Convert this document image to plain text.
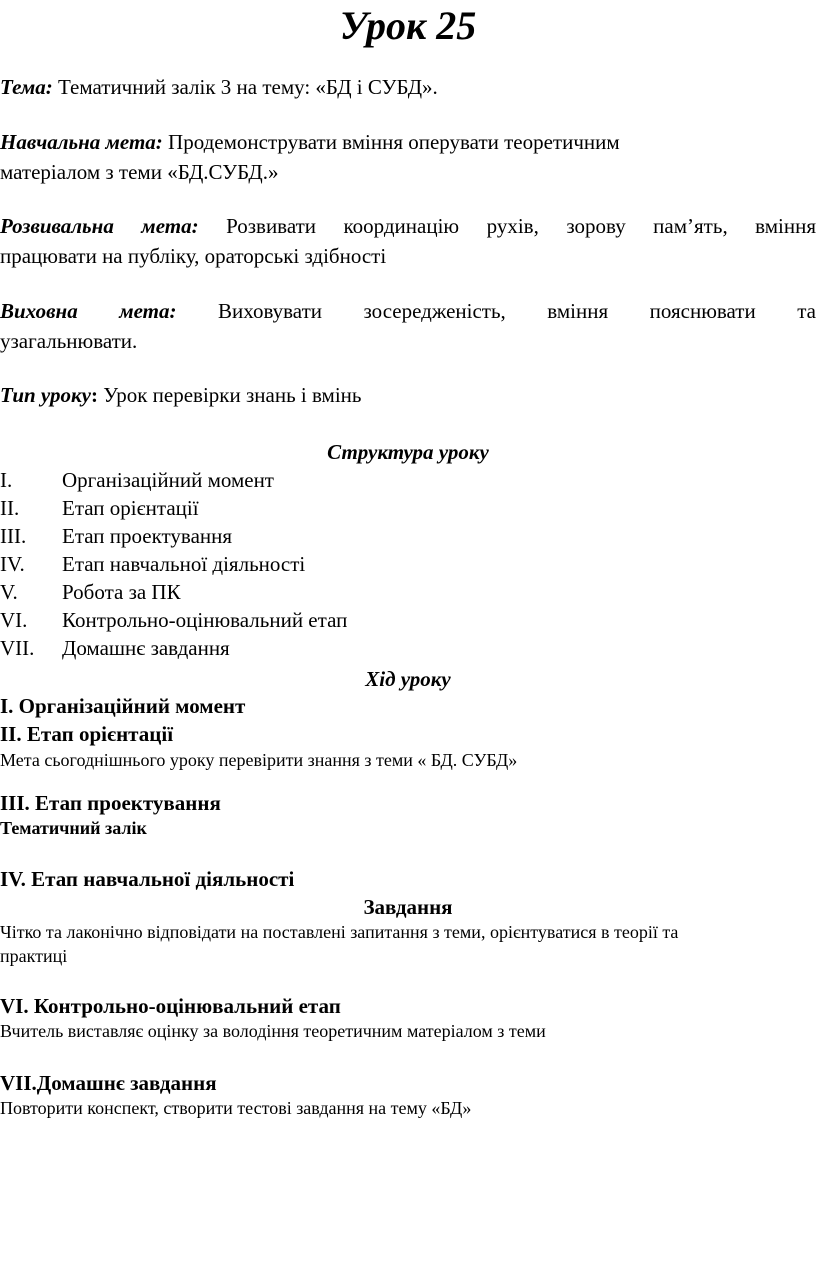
Урок 25
Тема: Тематичний залік 3 на тему: «БД і СУБД».
Навчальна мета: Продемонструвати вміння оперувати теоретичним
матеріалом з теми «БД.СУБД.»
Розвивальна мета: Розвивати координацію рухів, зорову пам’ять, вміння
працювати на публіку, ораторські здібності
Виховна мета: Виховувати зосередженість, вміння пояснювати та
узагальнювати.
Тип уроку: Урок перевірки знань і вмінь
Структура уроку
I. Організаційний момент
II. Етап орієнтації
III. Етап проектування
IV. Етап навчальної діяльності
V. Робота за ПК
VI. Контрольно-оцінювальний етап
VII. Домашнє завдання
Хід уроку
I. Організаційний момент
II. Етап орієнтації
Мета сьогоднішнього уроку перевірити знання з теми « БД. СУБД»
III. Етап проектування
Тематичний залік
IV. Етап навчальної діяльності
Завдання
Чітко та лаконічно відповідати на поставлені запитання з теми, орієнтуватися в теорії та
практиці
VI. Контрольно-оцінювальний етап
Вчитель виставляє оцінку за володіння теоретичним матеріалом з теми
VII.Домашнє завдання
Повторити конспект, створити тестові завдання на тему «БД»
